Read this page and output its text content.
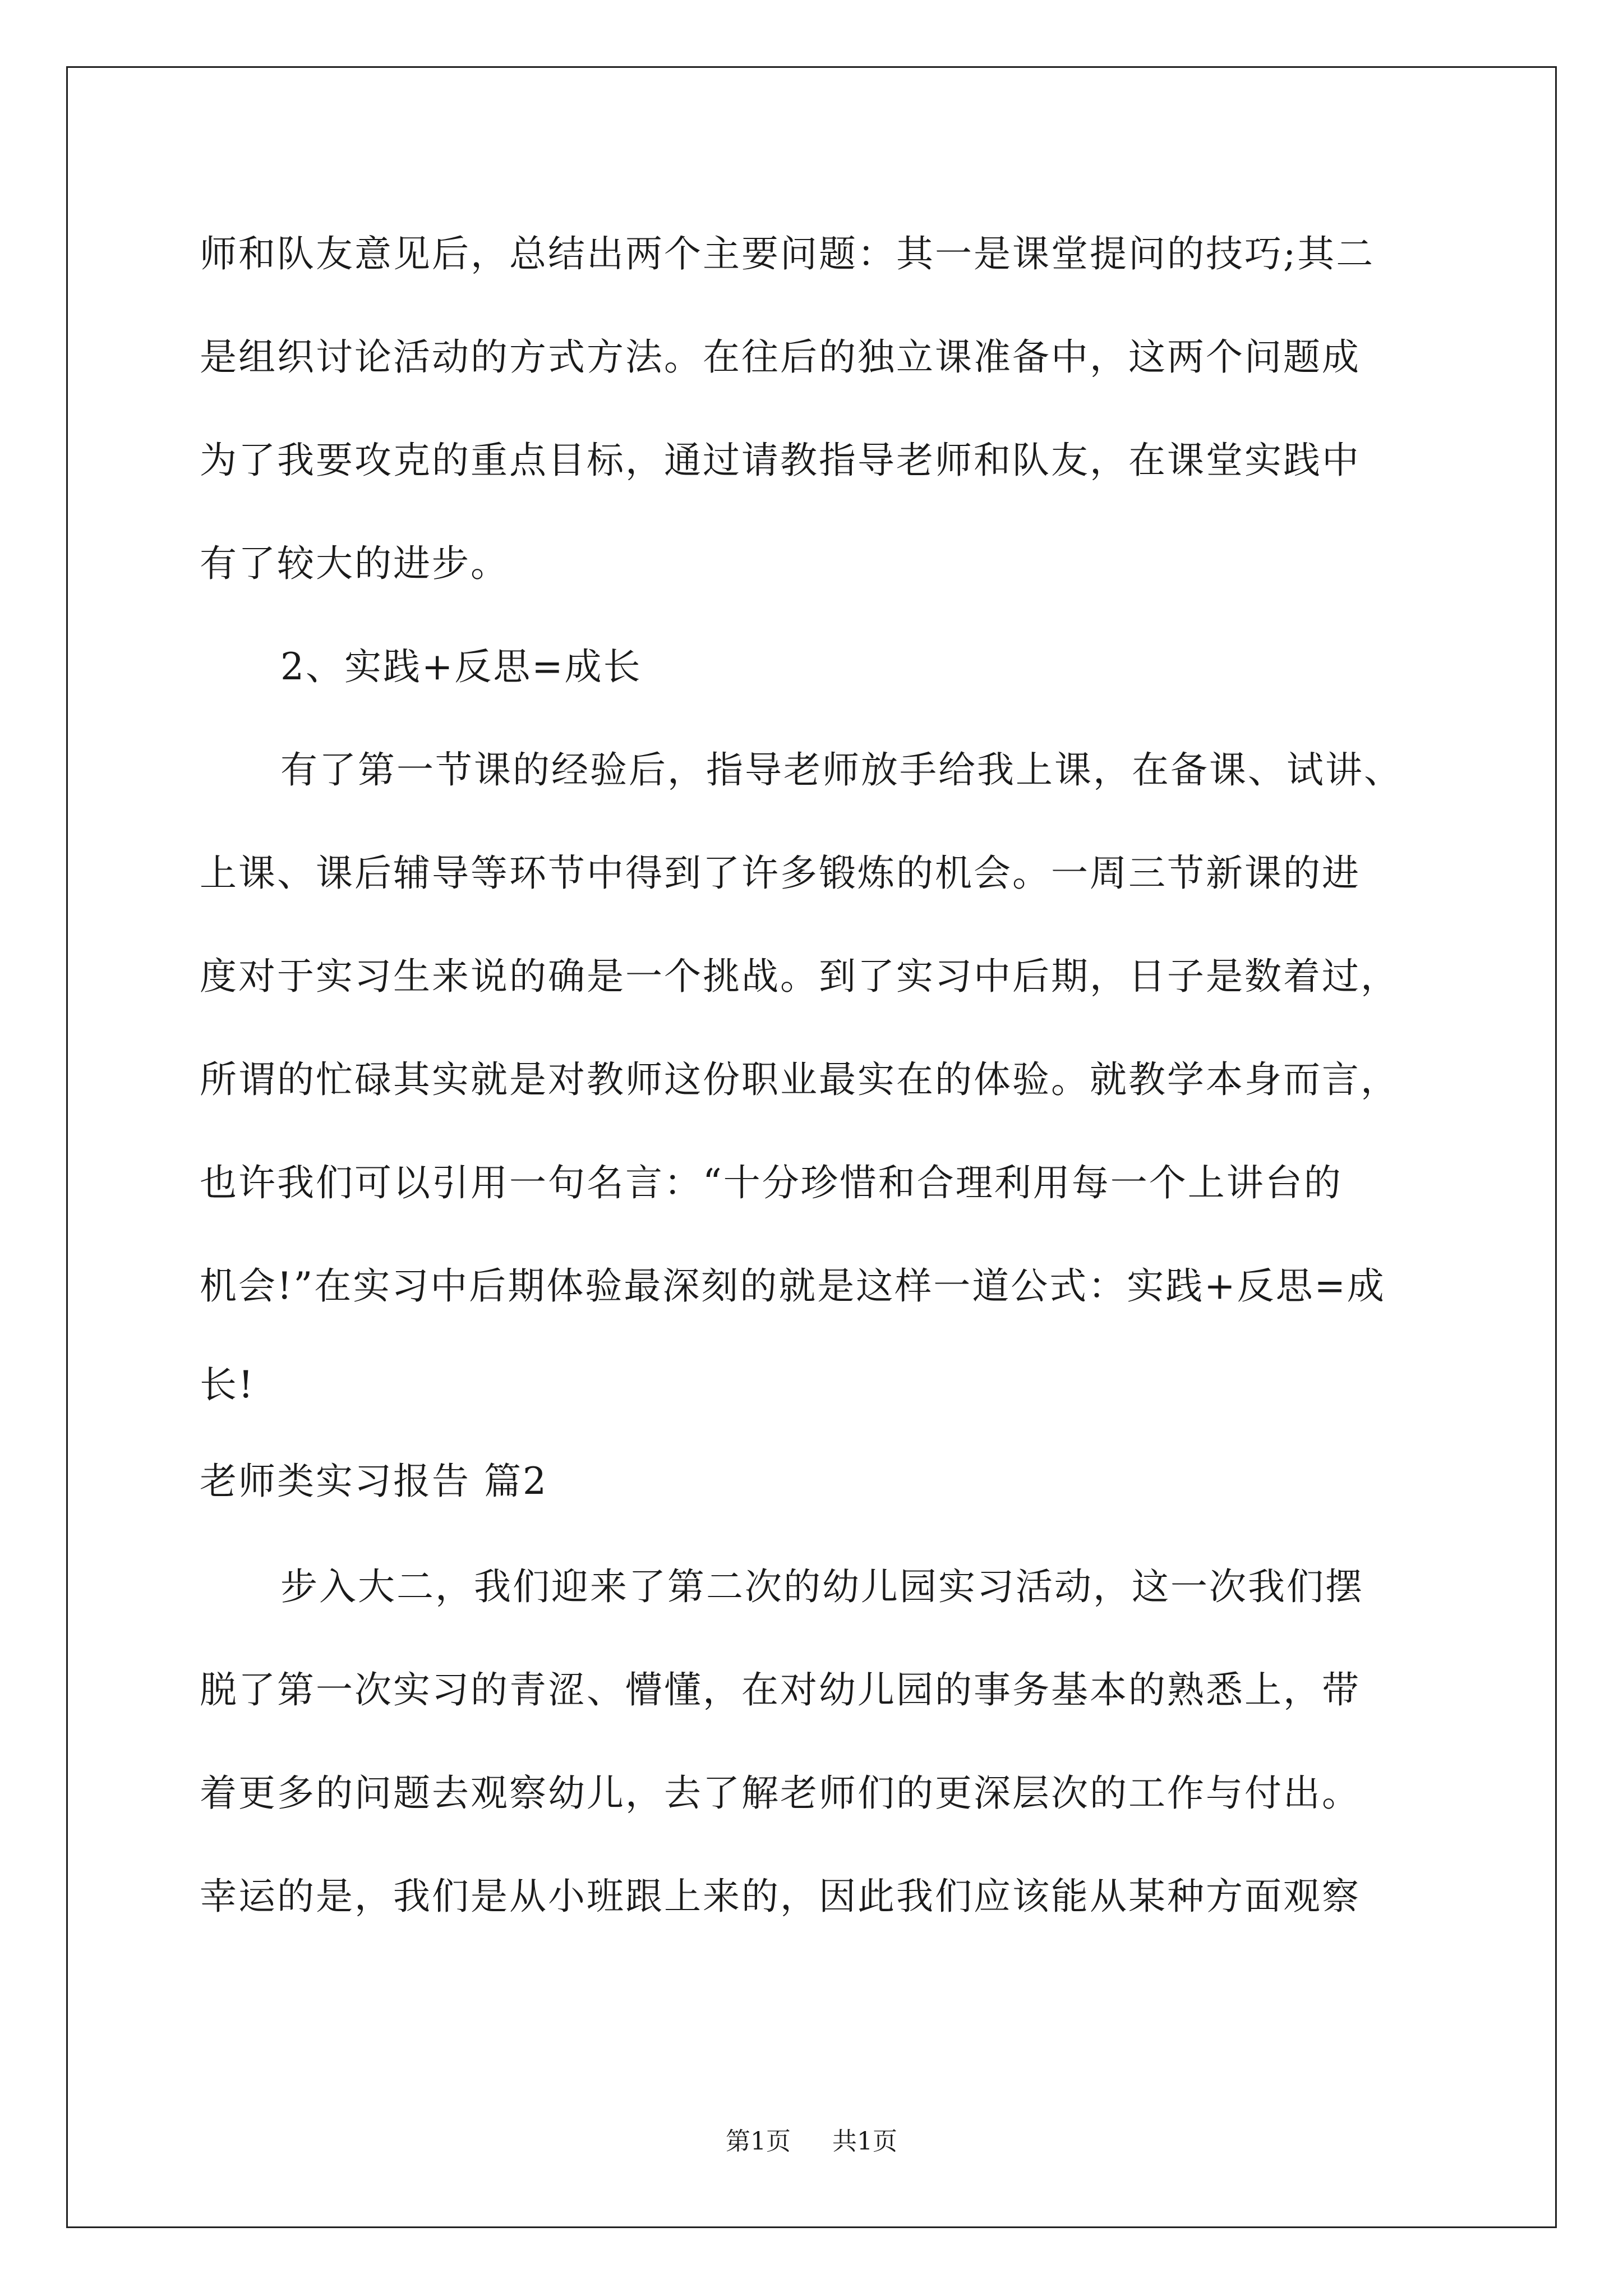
师和队友意见后，总结出两个主要问题：其一是课堂提问的技巧;其二
是组织讨论活动的方式方法。在往后的独立课准备中，这两个问题成
为了我要攻克的重点目标，通过请教指导老师和队友，在课堂实践中
有了较大的进步。
2、实践+反思=成长
有了第一节课的经验后，指导老师放手给我上课，在备课、试讲、
上课、课后辅导等环节中得到了许多锻炼的机会。一周三节新课的进
度对于实习生来说的确是一个挑战。到了实习中后期，日子是数着过，
所谓的忙碌其实就是对教师这份职业最实在的体验。就教学本身而言，
也许我们可以引用一句名言：“十分珍惜和合理利用每一个上讲台的
机会!”在实习中后期体验最深刻的就是这样一道公式：实践+反思=成
长!
老师类实习报告 篇2
步入大二，我们迎来了第二次的幼儿园实习活动，这一次我们摆
脱了第一次实习的青涩、懵懂，在对幼儿园的事务基本的熟悉上，带
着更多的问题去观察幼儿，去了解老师们的更深层次的工作与付出。
幸运的是，我们是从小班跟上来的，因此我们应该能从某种方面观察
第1页 共1页
